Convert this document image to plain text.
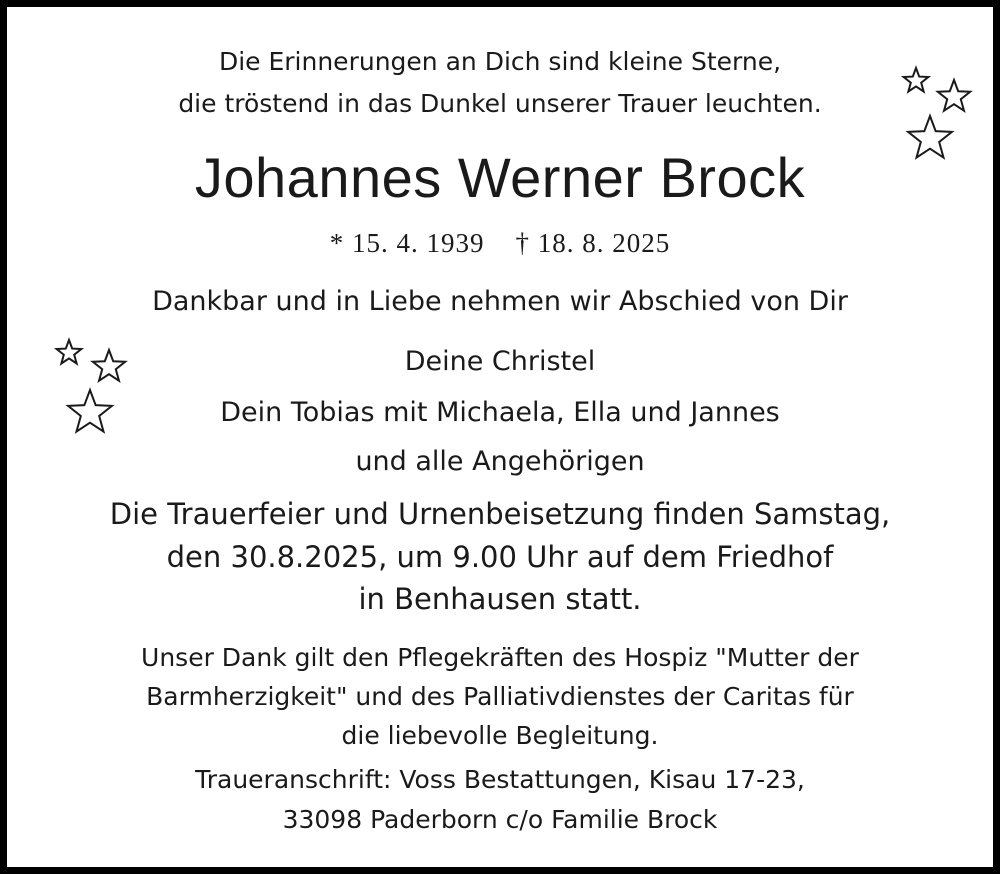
Die Erinnerungen an Dich sind kleine Sterne,
die tröstend in das Dunkel unserer Trauer leuchten.
Johannes Werner Brock
* 15. 4. 1939    † 18. 8. 2025
Dankbar und in Liebe nehmen wir Abschied von Dir
Deine Christel
Dein Tobias mit Michaela, Ella und Jannes
und alle Angehörigen
Die Trauerfeier und Urnenbeisetzung finden Samstag,
den 30.8.2025, um 9.00 Uhr auf dem Friedhof
in Benhausen statt.
Unser Dank gilt den Pflegekräften des Hospiz "Mutter der
Barmherzigkeit" und des Palliativdienstes der Caritas für
die liebevolle Begleitung.
Traueranschrift: Voss Bestattungen, Kisau 17-23,
33098 Paderborn c/o Familie Brock
